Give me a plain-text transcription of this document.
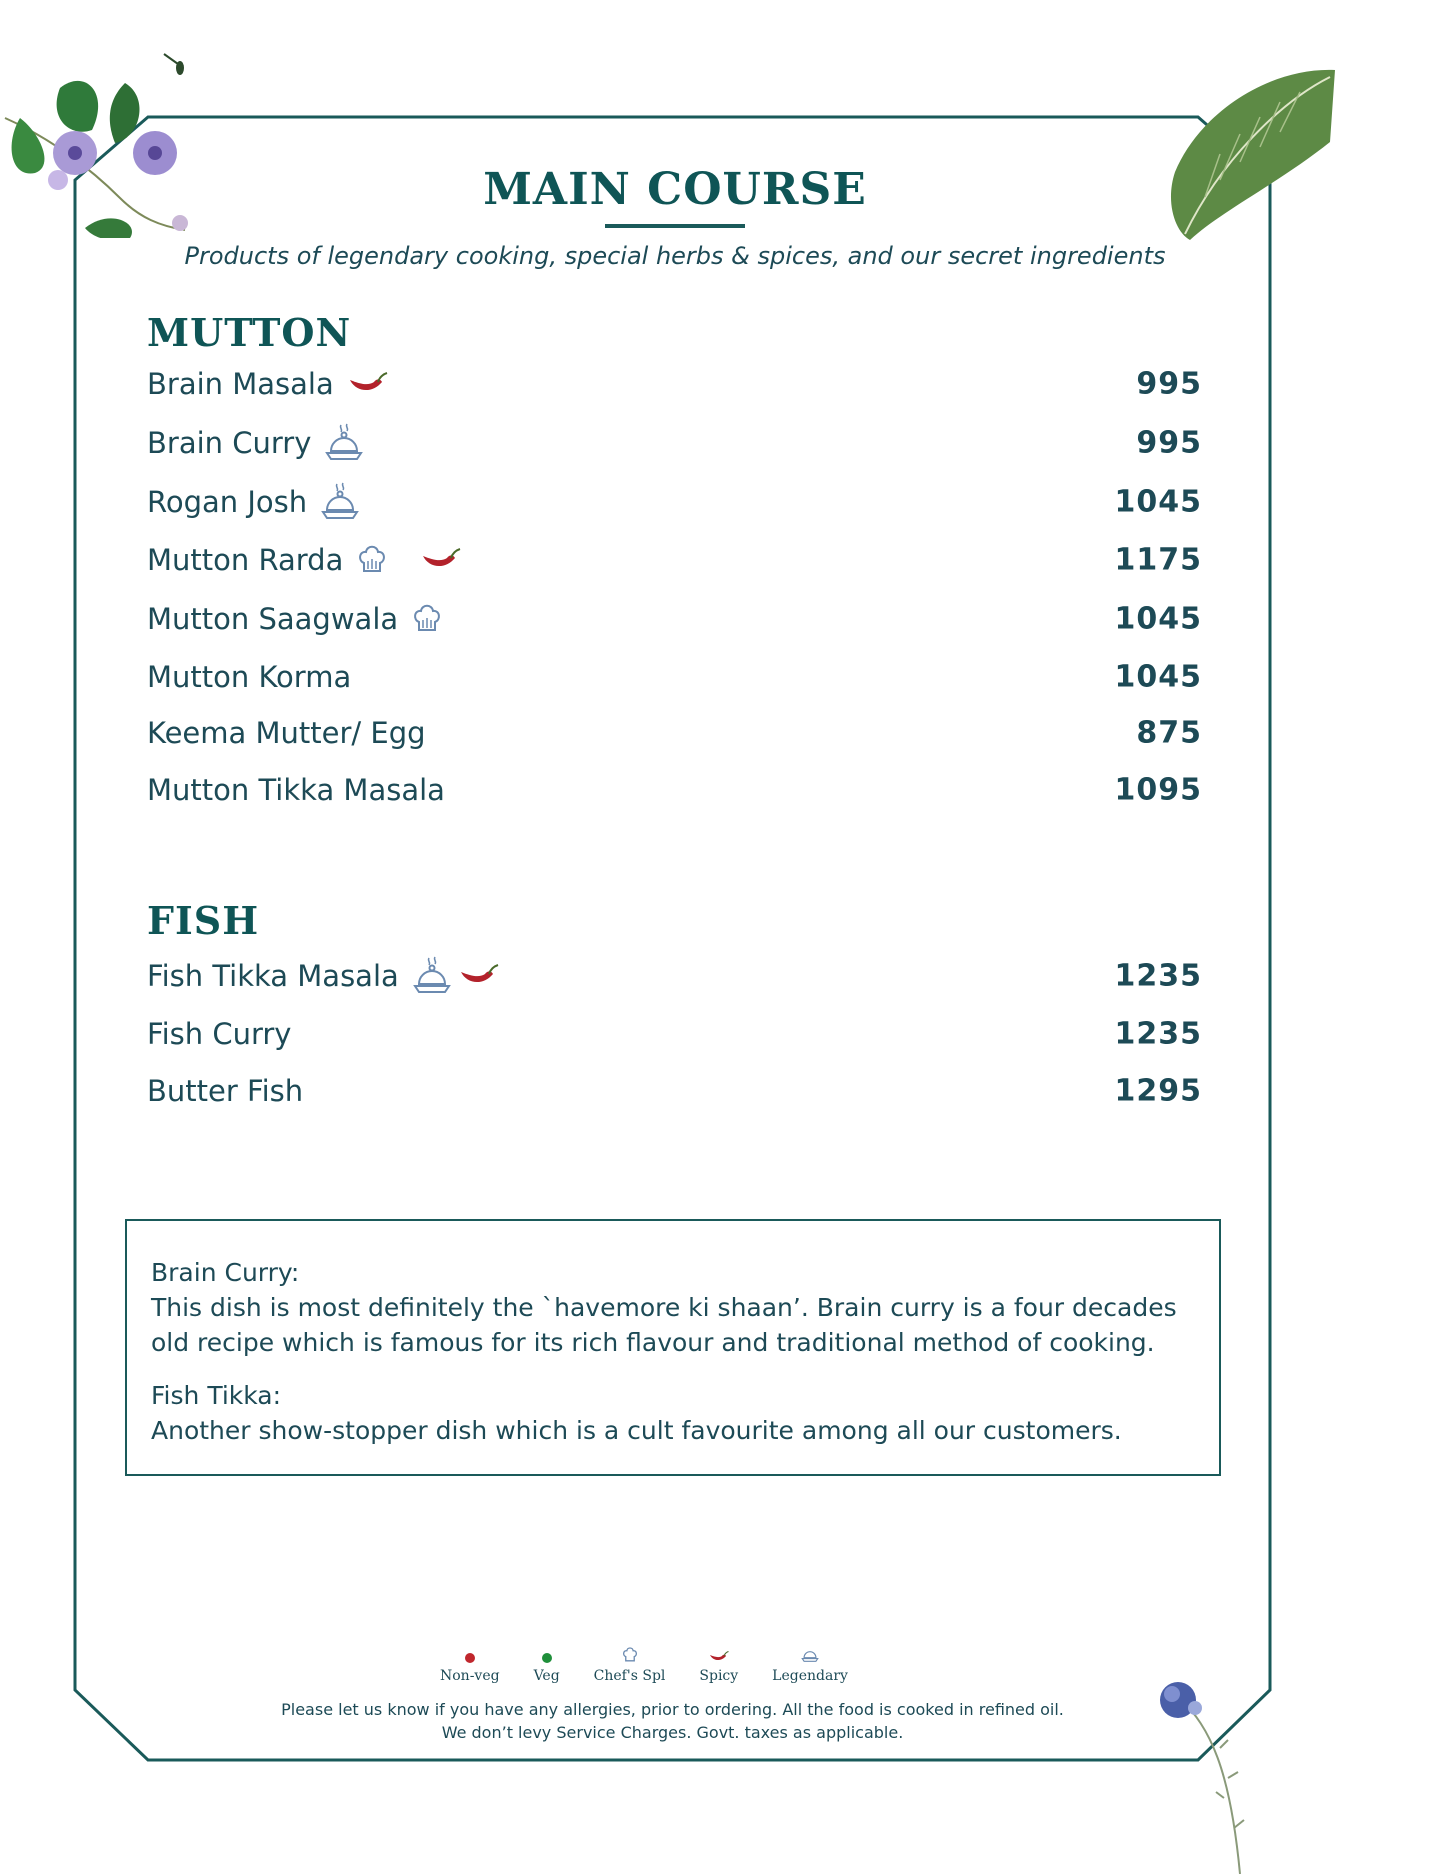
MAIN COURSE
Products of legendary cooking, special herbs & spices, and our secret ingredients
MUTTON
Brain Masala	995
Brain Curry	995
Rogan Josh	1045
Mutton Rarda	1175
Mutton Saagwala	1045
Mutton Korma	1045
Keema Mutter/ Egg	875
Mutton Tikka Masala	1095
FISH
Fish Tikka Masala	1235
Fish Curry	1235
Butter Fish	1295
Brain Curry:
This dish is most definitely the `havemore ki shaan’. Brain curry is a four decades old recipe which is famous for its rich flavour and traditional method of cooking.
Fish Tikka:
Another show-stopper dish which is a cult favourite among all our customers.
Non-veg Veg Chef's Spl Spicy Legendary
Please let us know if you have any allergies, prior to ordering. All the food is cooked in refined oil.
We don’t levy Service Charges. Govt. taxes as applicable.
